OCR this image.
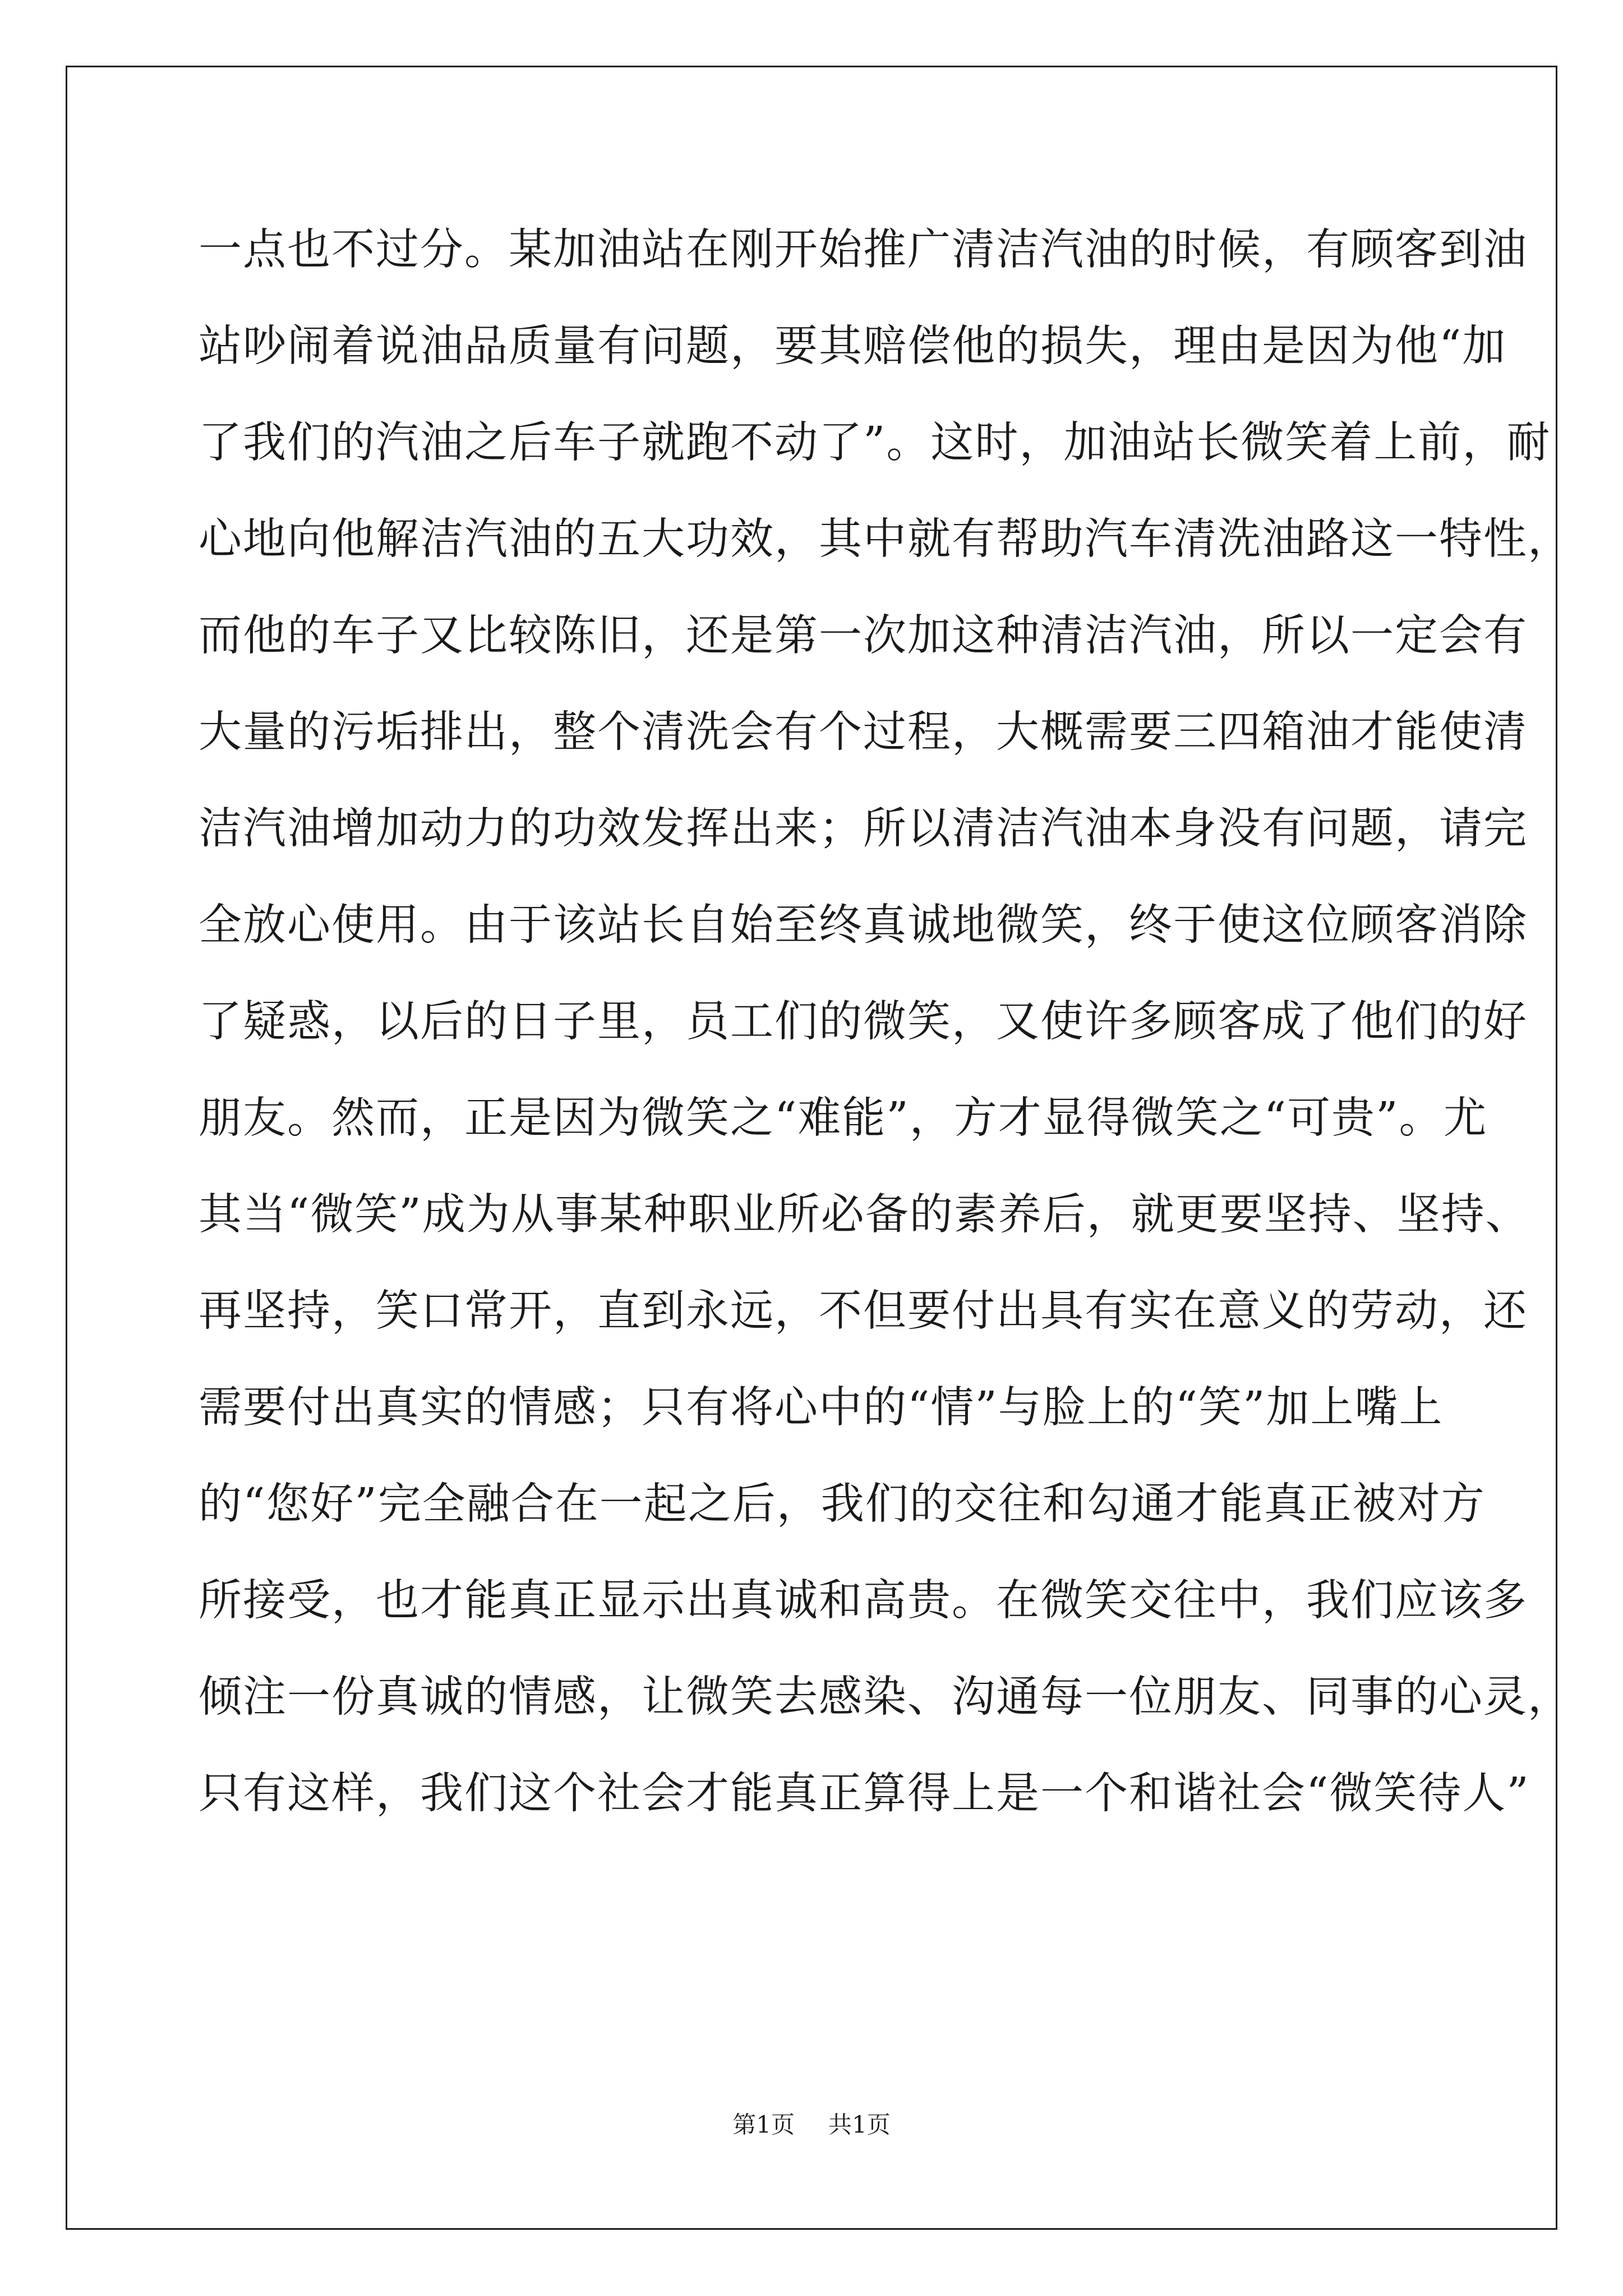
一点也不过分。某加油站在刚开始推广清洁汽油的时候，有顾客到油
站吵闹着说油品质量有问题，要其赔偿他的损失，理由是因为他“加
了我们的汽油之后车子就跑不动了”。这时，加油站长微笑着上前，耐
心地向他解洁汽油的五大功效，其中就有帮助汽车清洗油路这一特性，
而他的车子又比较陈旧，还是第一次加这种清洁汽油，所以一定会有
大量的污垢排出，整个清洗会有个过程，大概需要三四箱油才能使清
洁汽油增加动力的功效发挥出来；所以清洁汽油本身没有问题，请完
全放心使用。由于该站长自始至终真诚地微笑，终于使这位顾客消除
了疑惑，以后的日子里，员工们的微笑，又使许多顾客成了他们的好
朋友。然而，正是因为微笑之“难能”，方才显得微笑之“可贵”。尤
其当“微笑”成为从事某种职业所必备的素养后，就更要坚持、坚持、
再坚持，笑口常开，直到永远，不但要付出具有实在意义的劳动，还
需要付出真实的情感；只有将心中的“情”与脸上的“笑”加上嘴上
的“您好”完全融合在一起之后，我们的交往和勾通才能真正被对方
所接受，也才能真正显示出真诚和高贵。在微笑交往中，我们应该多
倾注一份真诚的情感，让微笑去感染、沟通每一位朋友、同事的心灵，
只有这样，我们这个社会才能真正算得上是一个和谐社会“微笑待人”
第1页 共1页
